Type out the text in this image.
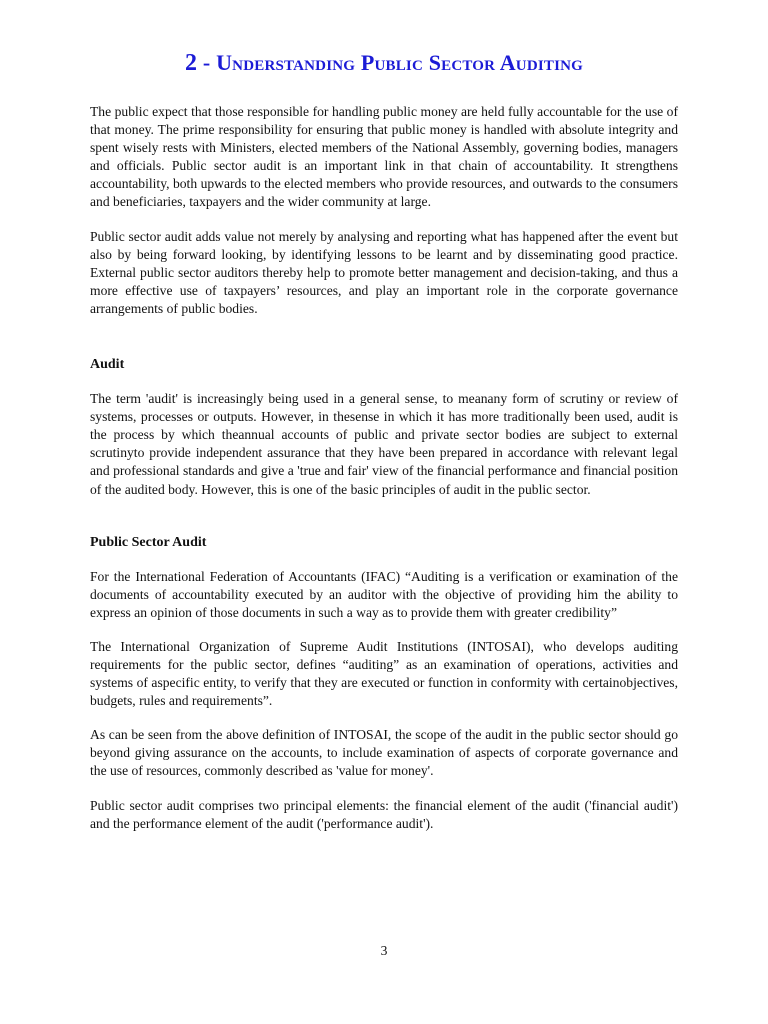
2 - Understanding Public Sector Auditing

The public expect that those responsible for handling public money are held fully accountable for the use of that money. The prime responsibility for ensuring that public money is handled with absolute integrity and spent wisely rests with Ministers, elected members of the National Assembly, governing bodies, managers and officials. Public sector audit is an important link in that chain of accountability. It strengthens accountability, both upwards to the elected members who provide resources, and outwards to the consumers and beneficiaries, taxpayers and the wider community at large.

Public sector audit adds value not merely by analysing and reporting what has happened after the event but also by being forward looking, by identifying lessons to be learnt and by disseminating good practice. External public sector auditors thereby help to promote better management and decision-taking, and thus a more effective use of taxpayers’ resources, and play an important role in the corporate governance arrangements of public bodies.

Audit

The term 'audit' is increasingly being used in a general sense, to meanany form of scrutiny or review of systems, processes or outputs. However, in thesense in which it has more traditionally been used, audit is the process by which theannual accounts of public and private sector bodies are subject to external scrutinyto provide independent assurance that they have been prepared in accordance with relevant legal and professional standards and give a 'true and fair' view of the financial performance and financial position of the audited body. However, this is one of the basic principles of audit in the public sector.

Public Sector Audit

For the International Federation of Accountants (IFAC) “Auditing is a verification or examination of the documents of accountability executed by an auditor with the objective of providing him the ability to express an opinion of those documents in such a way as to provide them with greater credibility”

The International Organization of Supreme Audit Institutions (INTOSAI), who develops auditing requirements for the public sector, defines “auditing” as an examination of operations, activities and systems of aspecific entity, to verify that they are executed or function in conformity with certainobjectives, budgets, rules and requirements”.

As can be seen from the above definition of INTOSAI, the scope of the audit in the public sector should go beyond giving assurance on the accounts, to include examination of aspects of corporate governance and the use of resources, commonly described as 'value for money'.

Public sector audit comprises two principal elements: the financial element of the audit ('financial audit') and the performance element of the audit ('performance audit').

3
